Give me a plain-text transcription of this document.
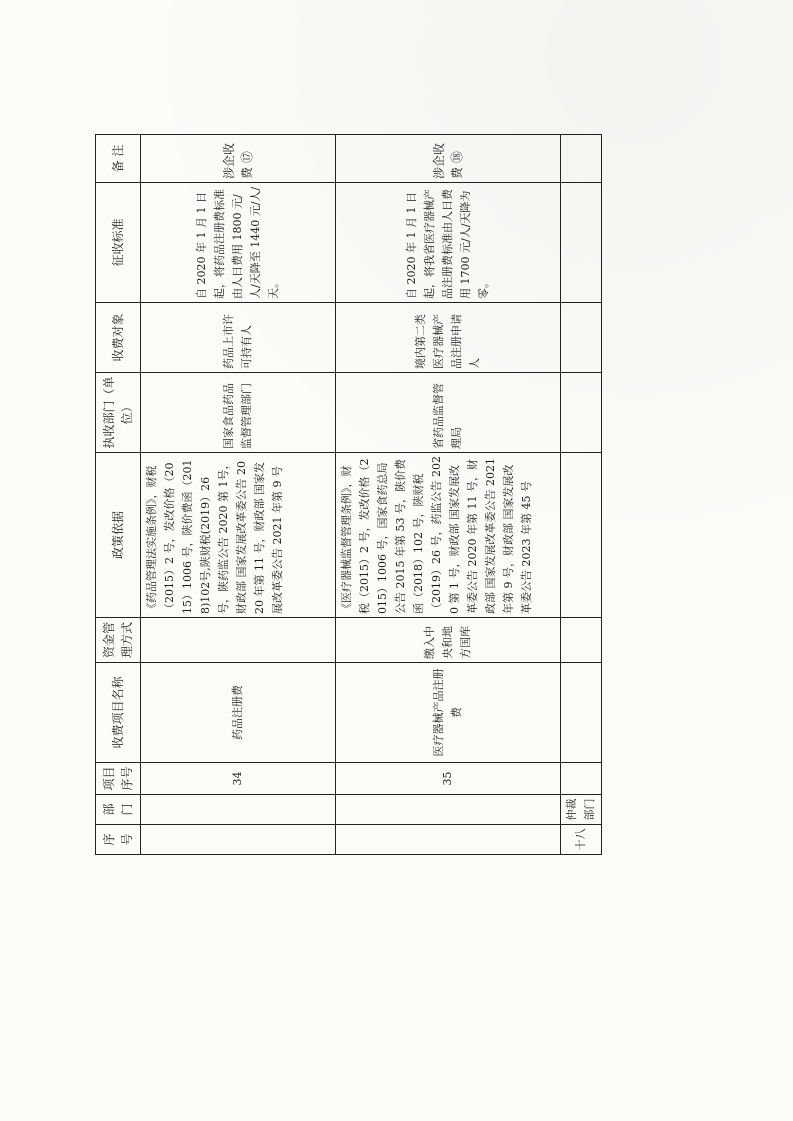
序号	部门	项目序号	收费项目名称	资金管理方式	政策依据	执收部门（单位）	收费对象	征收标准	备 注
		34	药品注册费		《药品管理法实施条例》，财税（2015）2 号，发改价格（2015）1006 号，陕价费函（2018)102号,陕财税(2019）26 号，陕药监公告 2020 第 1号，财政部 国家发展改革委公告 2020 年第 11 号，财政部 国家发展改革委公告 2021 年第 9 号	国家食品药品监督管理部门	药品上市许可持有人	自 2020 年 1 月 1 日起，将药品注册费标准由人日费用 1800 元/人/天降至 1440 元/人/天。	涉企收费 ⑰
		35	医疗器械产品注册费	缴入中央和地方国库	《医疗器械监督管理条例》，财税（2015）2 号，发改价格（2015）1006 号，国家食药总局公告 2015 年第 53 号，陕价费函（2018）102 号，陕财税（2019）26 号，药监公告 2020 第 1 号，财政部 国家发展改革委公告 2020 年第 11 号，财政部 国家发展改革委公告 2021 年第 9 号，财政部 国家发展改革委公告 2023 年第 45 号	省药品监督管理局	境内第二类医疗器械产品注册申请人	自 2020 年 1 月 1 日起，将我省医疗器械产品注册费标准由人日费用 1700 元/人/天降为零。	涉企收费 ⑱
十八	仲裁部门								
